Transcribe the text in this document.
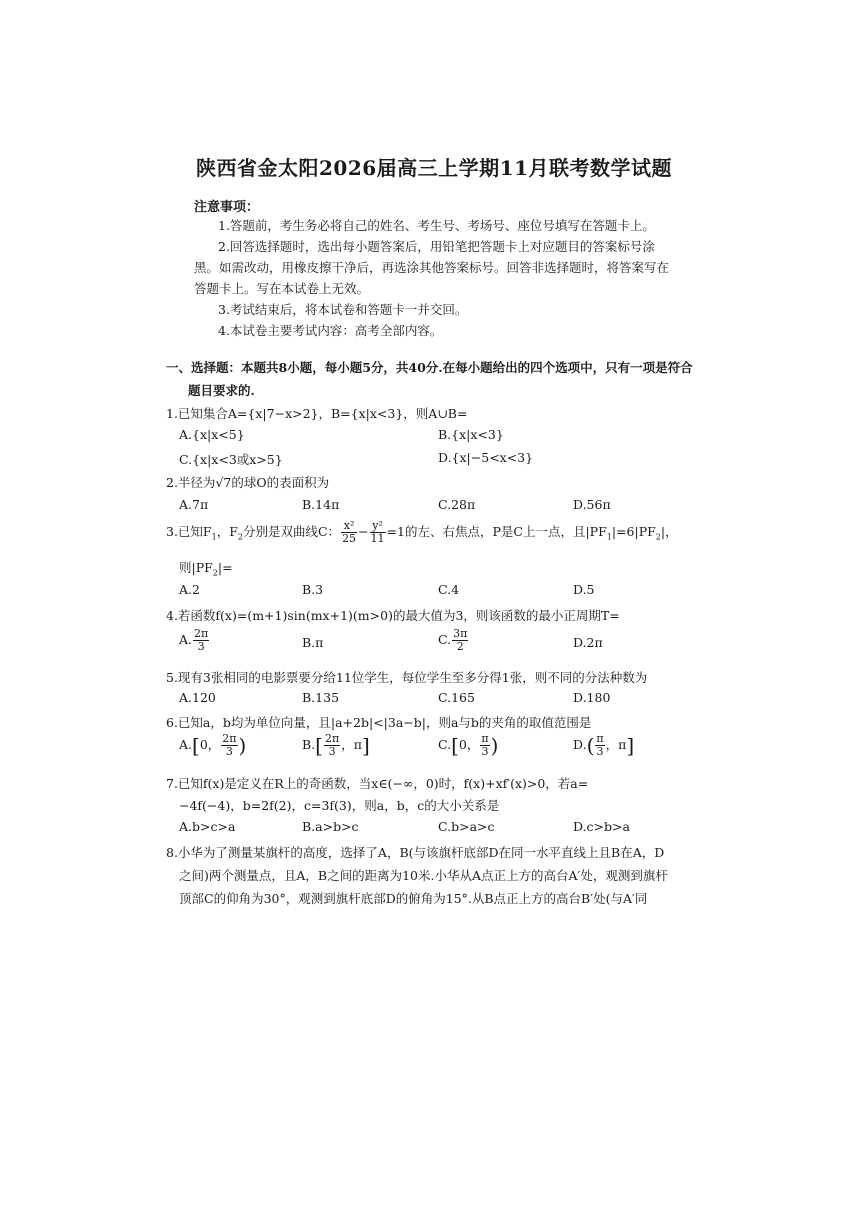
陕西省金太阳2026届高三上学期11月联考数学试题
注意事项：
1.答题前，考生务必将自己的姓名、考生号、考场号、座位号填写在答题卡上。
2.回答选择题时，选出每小题答案后，用铅笔把答题卡上对应题目的答案标号涂
黑。如需改动，用橡皮擦干净后，再选涂其他答案标号。回答非选择题时，将答案写在
答题卡上。写在本试卷上无效。
3.考试结束后，将本试卷和答题卡一并交回。
4.本试卷主要考试内容：高考全部内容。
一、选择题：本题共8小题，每小题5分，共40分.在每小题给出的四个选项中，只有一项是符合
题目要求的.
1.已知集合A={x|7−x>2}，B={x|x<3}，则A∪B=
A.{x|x<5}	B.{x|x<3}
C.{x|x<3或x>5}	D.{x|−5<x<3}
2.半径为√7的球O的表面积为
A.7π	B.14π	C.28π	D.56π
3.已知$F_1$，$F_2$分别是双曲线C： $\frac{\text{x²}}{25} - \frac{\text{y²}}{11} =1$的左、右焦点，P是C上一点，且$|PF_1|=6|PF_2|$，
则$|PF_2|=$
A.2	B.3	C.4	D.5
4.若函数f(x)=(m+1)sin(mx+1)(m>0)的最大值为3，则该函数的最小正周期T=
A. $\frac{2\pi}{3}$	B.π	C. $\frac{3\pi}{2}$	D.2π
5.现有3张相同的电影票要分给11位学生，每位学生至多分得1张，则不同的分法种数为
A.120	B.135	C.165	D.180
6.已知a，b均为单位向量，且|a+2b|<|3a−b|，则a与b的夹角的取值范围是
A.[0， $\frac{2\pi}{3}$ )	$B.[ \frac{2\pi}{3}$ ，π]	C.[0， $\frac{\pi}{3}$ )	$D.( \frac{\pi}{3}$ ，π]
7.已知f(x)是定义在R上的奇函数，当x∈(−∞，0)时，f(x)+xf′(x)>0，若a=
−4f(−4)，b=2f(2)，c=3f(3)，则a，b，c的大小关系是
A.b>c>a	B.a>b>c	C.b>a>c	D.c>b>a
8.小华为了测量某旗杆的高度，选择了A，B(与该旗杆底部D在同一水平直线上且B在A，D
之间)两个测量点，且A，B之间的距离为10米.小华从A点正上方的高台A′处，观测到旗杆
顶部C的仰角为30°，观测到旗杆底部D的俯角为15°.从B点正上方的高台B′处(与A′同
